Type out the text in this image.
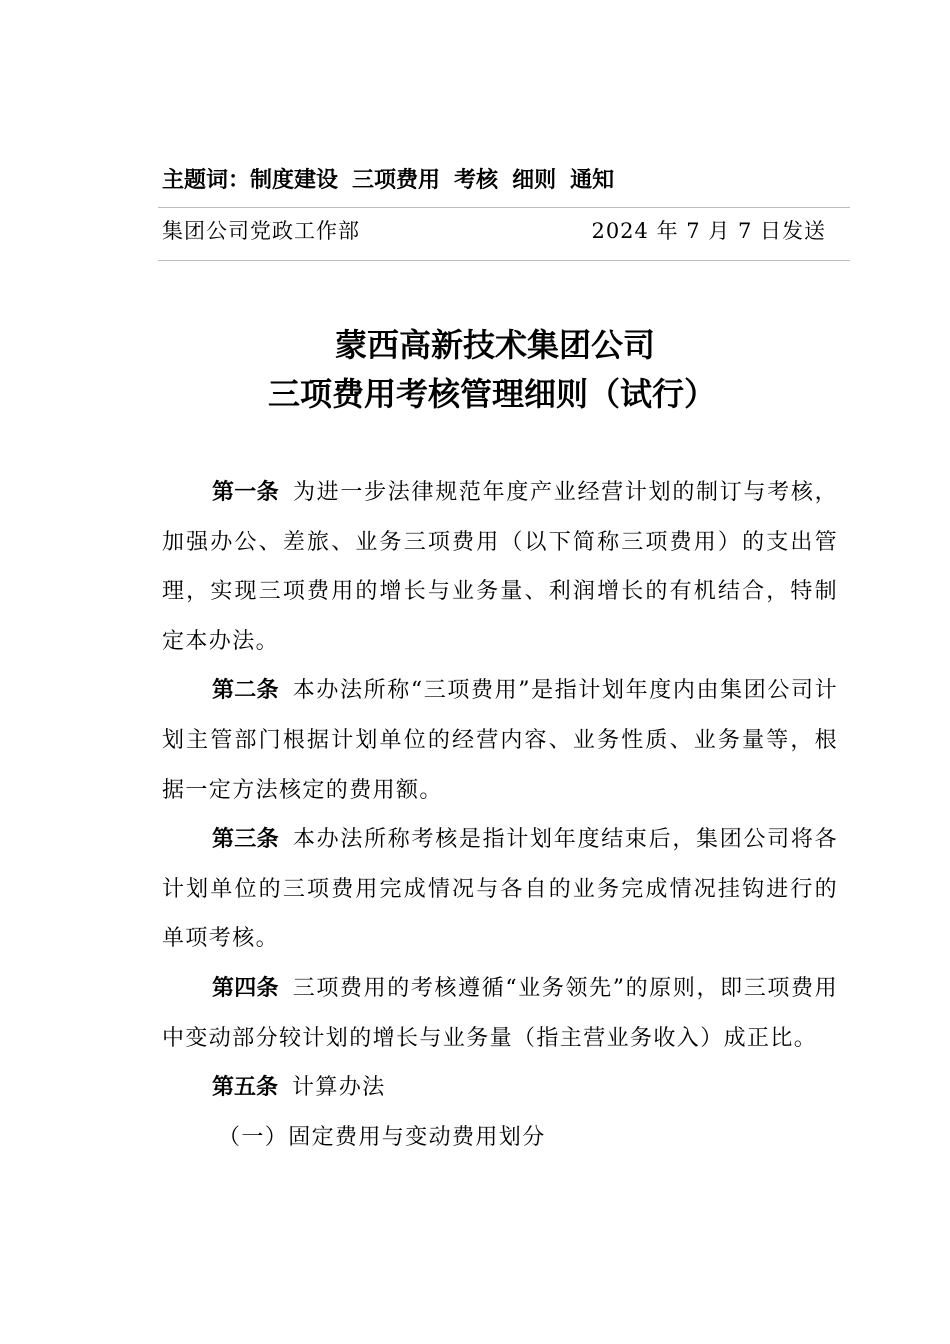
主题词：制度建设 三项费用 考核 细则 通知
集团公司党政工作部	2024 年 7 月 7 日发送
蒙西高新技术集团公司
三项费用考核管理细则（试行）

第一条 为进一步法律规范年度产业经营计划的制订与考核，加强办公、差旅、业务三项费用（以下简称三项费用）的支出管理，实现三项费用的增长与业务量、利润增长的有机结合，特制定本办法。

第二条 本办法所称“三项费用”是指计划年度内由集团公司计划主管部门根据计划单位的经营内容、业务性质、业务量等，根据一定方法核定的费用额。

第三条 本办法所称考核是指计划年度结束后，集团公司将各计划单位的三项费用完成情况与各自的业务完成情况挂钩进行的单项考核。

第四条 三项费用的考核遵循“业务领先”的原则，即三项费用中变动部分较计划的增长与业务量（指主营业务收入）成正比。

第五条 计算办法

（一）固定费用与变动费用划分
